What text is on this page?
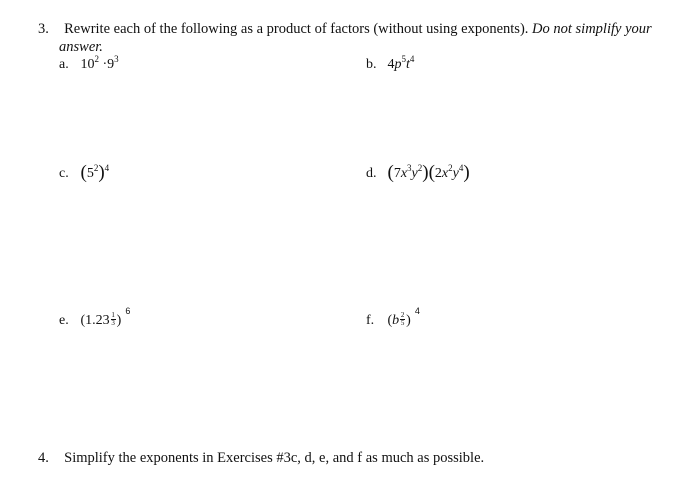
3. Rewrite each of the following as a product of factors (without using exponents). Do not simplify your
answer.
a. $10^2 \cdot 9^3$	b. $4p^5t^4$
c. $(5^2)^4$	d. $(7x^3y^2)(2x^2y^4)$
e. $(1.23 \frac{1}{3} )^6$
f. $(b \frac{2}{5} )^4$
4. Simplify the exponents in Exercises #3c, d, e, and f as much as possible.
